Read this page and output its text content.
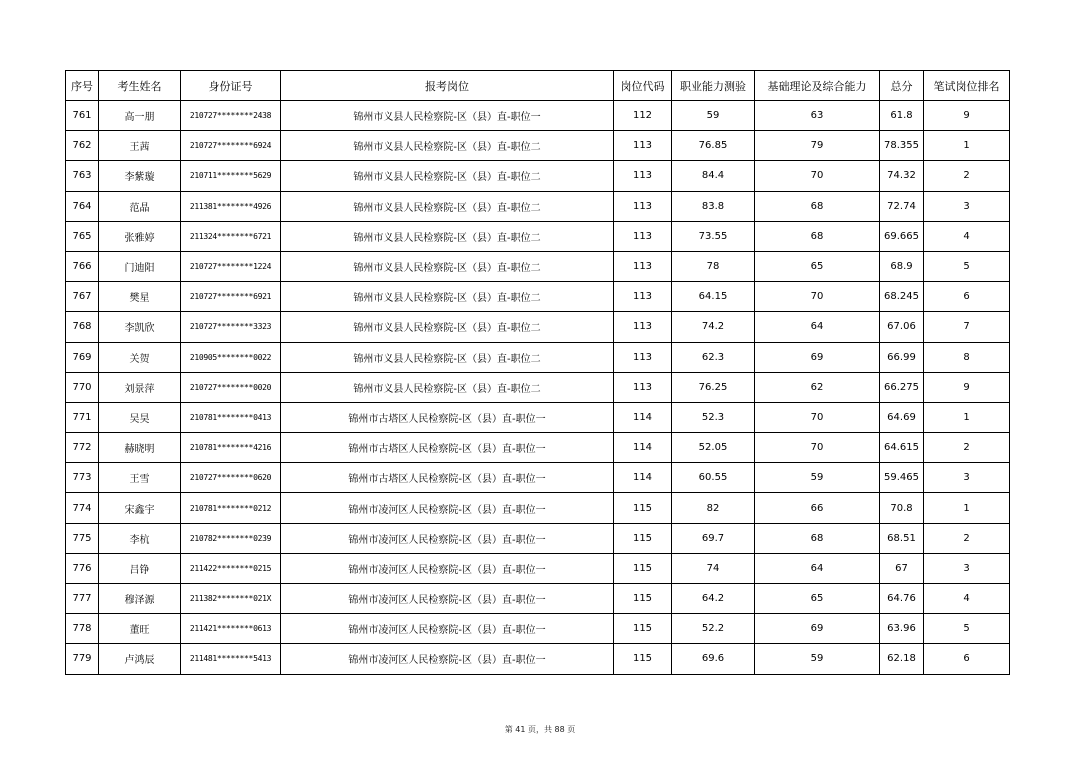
序号	考生姓名	身份证号	报考岗位	岗位代码	职业能力测验	基础理论及综合能力	总分	笔试岗位排名
761	高一朋	210727********2438	锦州市义县人民检察院-区（县）直-职位一	112	59	63	61.8	9
762	王茜	210727********6924	锦州市义县人民检察院-区（县）直-职位二	113	76.85	79	78.355	1
763	李紫璇	210711********5629	锦州市义县人民检察院-区（县）直-职位二	113	84.4	70	74.32	2
764	范晶	211381********4926	锦州市义县人民检察院-区（县）直-职位二	113	83.8	68	72.74	3
765	张雅婷	211324********6721	锦州市义县人民检察院-区（县）直-职位二	113	73.55	68	69.665	4
766	门迪阳	210727********1224	锦州市义县人民检察院-区（县）直-职位二	113	78	65	68.9	5
767	樊星	210727********6921	锦州市义县人民检察院-区（县）直-职位二	113	64.15	70	68.245	6
768	李凯欣	210727********3323	锦州市义县人民检察院-区（县）直-职位二	113	74.2	64	67.06	7
769	关贺	210905********0022	锦州市义县人民检察院-区（县）直-职位二	113	62.3	69	66.99	8
770	刘景萍	210727********0020	锦州市义县人民检察院-区（县）直-职位二	113	76.25	62	66.275	9
771	吴昊	210781********0413	锦州市古塔区人民检察院-区（县）直-职位一	114	52.3	70	64.69	1
772	赫晓明	210781********4216	锦州市古塔区人民检察院-区（县）直-职位一	114	52.05	70	64.615	2
773	王雪	210727********0620	锦州市古塔区人民检察院-区（县）直-职位一	114	60.55	59	59.465	3
774	宋鑫宇	210781********0212	锦州市凌河区人民检察院-区（县）直-职位一	115	82	66	70.8	1
775	李杭	210782********0239	锦州市凌河区人民检察院-区（县）直-职位一	115	69.7	68	68.51	2
776	吕铮	211422********0215	锦州市凌河区人民检察院-区（县）直-职位一	115	74	64	67	3
777	穆泽源	211382********021X	锦州市凌河区人民检察院-区（县）直-职位一	115	64.2	65	64.76	4
778	董旺	211421********0613	锦州市凌河区人民检察院-区（县）直-职位一	115	52.2	69	63.96	5
779	卢鸿辰	211481********5413	锦州市凌河区人民检察院-区（县）直-职位一	115	69.6	59	62.18	6
第 41 页，共 88 页
